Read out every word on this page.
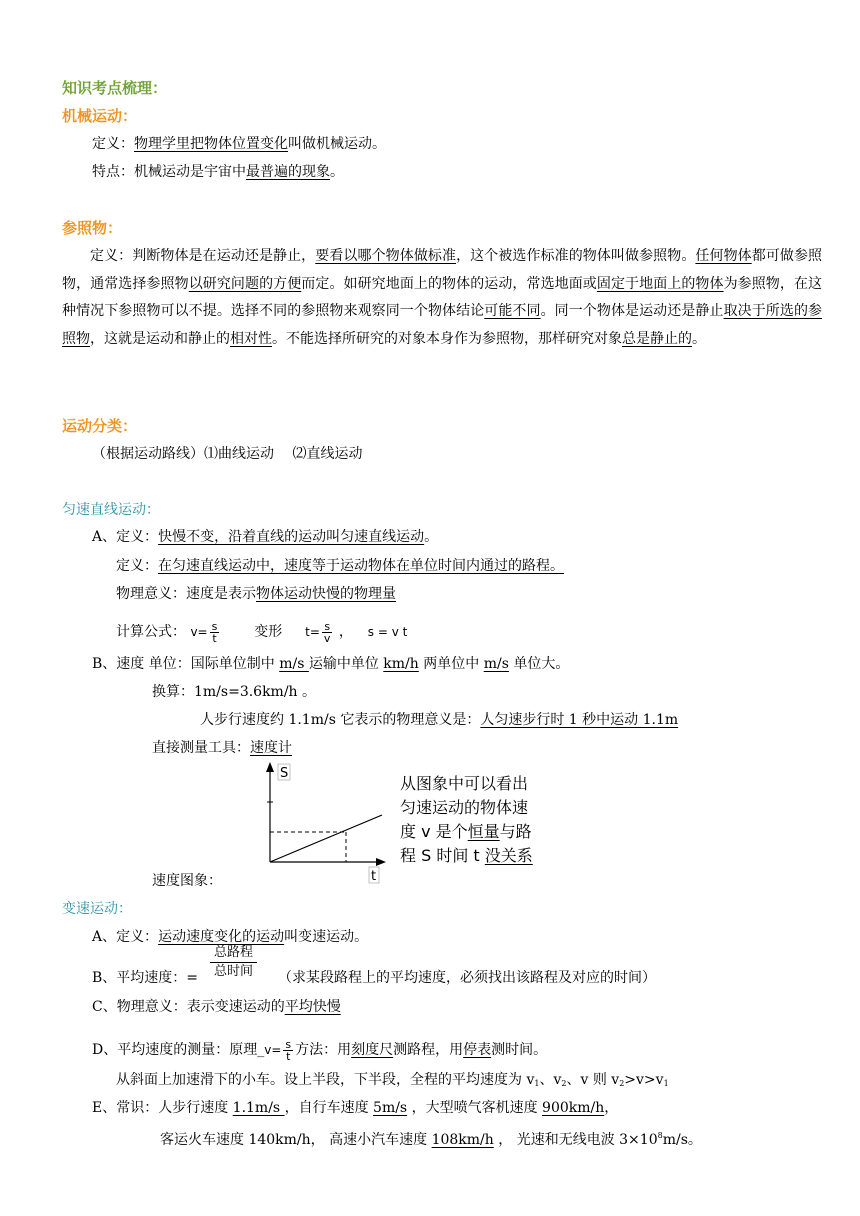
知识考点梳理：
机械运动：
定义：物理学里把物体位置变化叫做机械运动。
特点：机械运动是宇宙中最普遍的现象。
参照物：
定义：判断物体是在运动还是静止，要看以哪个物体做标准，这个被选作标准的物体叫做参照物。任何物体都可做参照物，通常选择参照物以研究问题的方便而定。如研究地面上的物体的运动，常选地面或固定于地面上的物体为参照物，在这种情况下参照物可以不提。选择不同的参照物来观察同一个物体结论可能不同。同一个物体是运动还是静止取决于所选的参照物，这就是运动和静止的相对性。不能选择所研究的对象本身作为参照物，那样研究对象总是静止的。
运动分类：
（根据运动路线）⑴曲线运动　 ⑵直线运动
匀速直线运动：
A、定义：快慢不变，沿着直线的运动叫匀速直线运动。
定义：在匀速直线运动中，速度等于运动物体在单位时间内通过的路程。
物理意义：速度是表示物体运动快慢的物理量
计算公式： $v= \frac{s}{t}$ 变形 $t= \frac{s}{v}$ ， s = v t
B、速度 单位：国际单位制中 m/s 运输中单位 km/h 两单位中 m/s 单位大。
换算：1m/s=3.6km/h 。
人步行速度约 1.1m/s 它表示的物理意义是：人匀速步行时 1 秒中运动 1.1m
直接测量工具：速度计
S
t
从图象中可以看出
匀速运动的物体速
度 v 是个恒量与路
程 S 时间 t 没关系
速度图象：
变速运动：
A、定义：运动速度变化的运动叫变速运动。
B、平均速度：=
总路程
总时间 （求某段路程上的平均速度，必须找出该路程及对应的时间）
C、物理意义：表示变速运动的平均快慢
D、平均速度的测量：原理_v= $\frac{s}{t}$ 方法：用刻度尺测路程，用停表测时间。
从斜面上加速滑下的小车。设上半段，下半段，全程的平均速度为 $v_1$、$v_2$、v 则 $v_2>v>v_1$
E、常识：人步行速度 1.1m/s ，自行车速度 5m/s ，大型喷气客机速度 900km/h，
客运火车速度 140km/h， 高速小汽车速度 108km/h ， 光速和无线电波 $3\times 10^8m/s$。
